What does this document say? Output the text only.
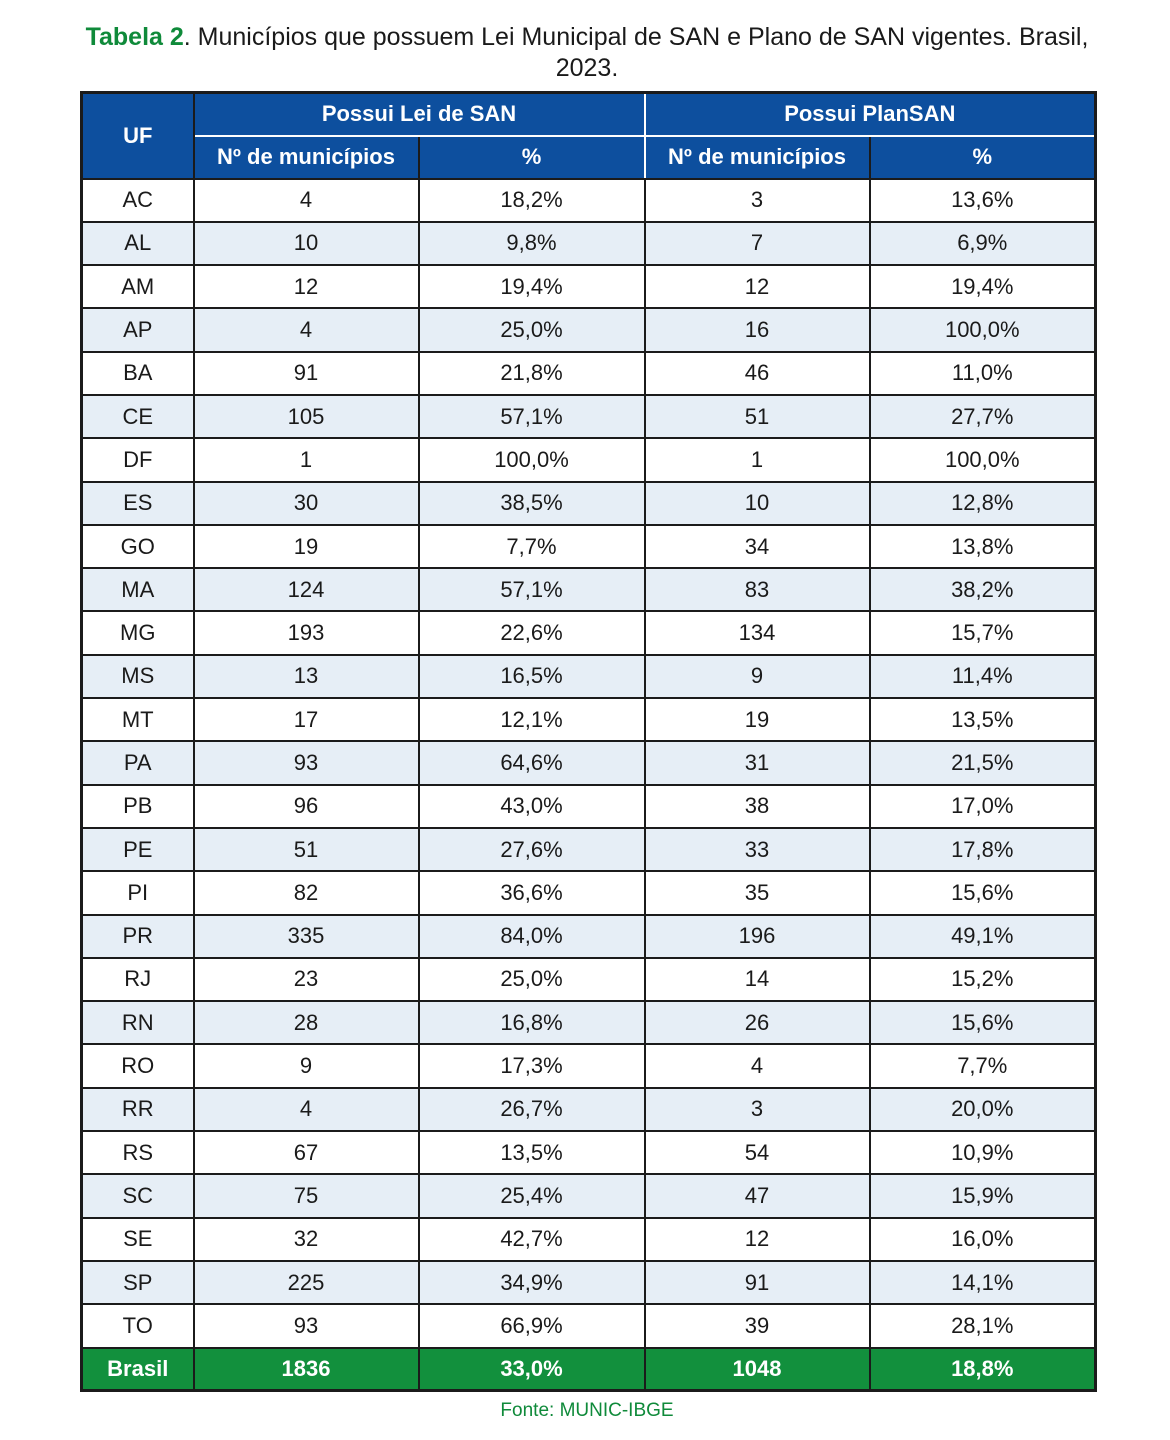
Tabela 2. Municípios que possuem Lei Municipal de SAN e Plano de SAN vigentes. Brasil, 2023.
UF	Possui Lei de SAN		Possui PlanSAN	
	Nº de municípios	%	Nº de municípios	%
AC	4	18,2%	3	13,6%
AL	10	9,8%	7	6,9%
AM	12	19,4%	12	19,4%
AP	4	25,0%	16	100,0%
BA	91	21,8%	46	11,0%
CE	105	57,1%	51	27,7%
DF	1	100,0%	1	100,0%
ES	30	38,5%	10	12,8%
GO	19	7,7%	34	13,8%
MA	124	57,1%	83	38,2%
MG	193	22,6%	134	15,7%
MS	13	16,5%	9	11,4%
MT	17	12,1%	19	13,5%
PA	93	64,6%	31	21,5%
PB	96	43,0%	38	17,0%
PE	51	27,6%	33	17,8%
PI	82	36,6%	35	15,6%
PR	335	84,0%	196	49,1%
RJ	23	25,0%	14	15,2%
RN	28	16,8%	26	15,6%
RO	9	17,3%	4	7,7%
RR	4	26,7%	3	20,0%
RS	67	13,5%	54	10,9%
SC	75	25,4%	47	15,9%
SE	32	42,7%	12	16,0%
SP	225	34,9%	91	14,1%
TO	93	66,9%	39	28,1%
Brasil	1836	33,0%	1048	18,8%
Fonte: MUNIC-IBGE
